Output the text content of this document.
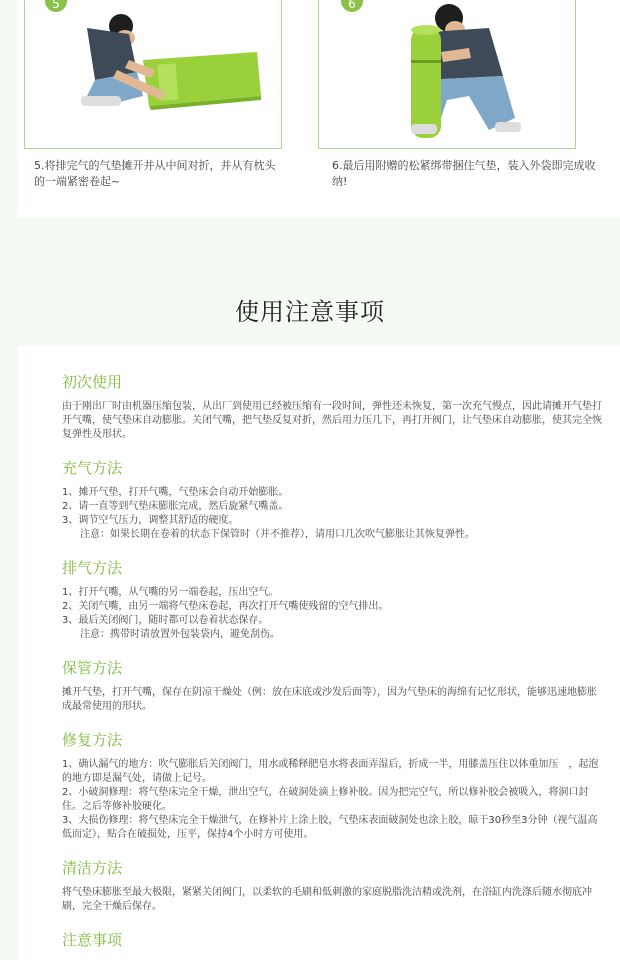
5	6
5.将排完气的气垫摊开并从中间对折，并从有枕头的一端紧密卷起~
6.最后用附赠的松紧绑带捆住气垫，装入外袋即完成收纳!
使用注意事项
初次使用

由于刚出厂时由机器压缩包装，从出厂到使用已经被压缩有一段时间，弹性还未恢复，第一次充气慢点，因此请摊开气垫打开气嘴，使气垫床自动膨胀。关闭气嘴，把气垫反复对折，然后用力压几下，再打开阀门，让气垫床自动膨胀，使其完全恢复弹性及形状。

充气方法

1、摊开气垫，打开气嘴，气垫床会自动开始膨胀。

2、请一直等到气垫床膨胀完成，然后旋紧气嘴盖。

3、调节空气压力，调整其舒适的硬度。

注意：如果长期在卷着的状态下保管时（并不推荐），请用口几次吹气膨胀让其恢复弹性。

排气方法

1、打开气嘴，从气嘴的另一端卷起，压出空气。

2、关闭气嘴，由另一端将气垫床卷起，再次打开气嘴使残留的空气排出。

3、最后关闭阀门，随时都可以卷着状态保存。

注意：携带时请放置外包装袋内，避免刮伤。

保管方法

摊开气垫，打开气嘴，保存在阴凉干燥处（例：放在床底或沙发后面等），因为气垫床的海绵有记忆形状，能够迅速地膨胀成最常使用的形状。

修复方法

1、确认漏气的地方：吹气膨胀后关闭阀门，用水或稀释肥皂水将表面弄湿后，折成一半，用膝盖压住以体重加压　，起泡的地方即是漏气处，请做上记号。

2、小破洞修理：将气垫床完全干燥，泄出空气，在破洞处滴上修补胶。因为把完空气，所以修补胶会被吸入，将洞口封住。之后等修补胶硬化。

3、大损伤修理：将气垫床完全干燥泄气，在修补片上涂上胶，气垫床表面破洞处也涂上胶，晾干30秒至3分钟（视气温高低而定），贴合在破损处，压平，保持4个小时方可使用。

清洁方法

将气垫床膨胀至最大极限，紧紧关闭阀门，以柔软的毛刷和低刺激的家庭脱脂洗洁精或洗剂，在浴缸内洗涤后随水彻底冲刷，完全干燥后保存。

注意事项
